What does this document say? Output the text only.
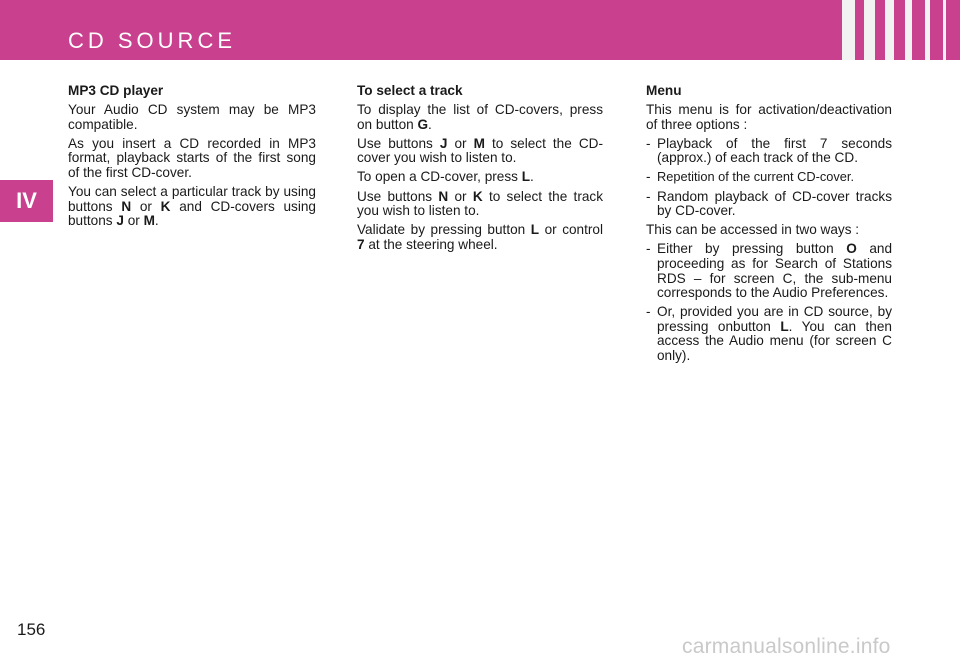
CD SOURCE
IV
MP3 CD player

Your Audio CD system may be MP3 compatible.

As you insert a CD recorded in MP3 format, playback starts of the first song of the first CD-cover.

You can select a particular track by using buttons N or K and CD-covers using buttons J or M.

To select a track

To display the list of CD-covers, press on button G.

Use buttons J or M to select the CD-cover you wish to listen to.

To open a CD-cover, press L.

Use buttons N or K to select the track you wish to listen to.

Validate by pressing button L or control 7 at the steering wheel.

Menu

This menu is for activation/deactivation of three options :

- Playback of the first 7 seconds (approx.) of each track of the CD.
- Repetition of the current CD-cover.
- Random playback of CD-cover tracks by CD-cover.

This can be accessed in two ways :

- Either by pressing button O and proceeding as for Search of Stations RDS – for screen C, the sub-menu corresponds to the Audio Preferences.
- Or, provided you are in CD source, by pressing onbutton L. You can then access the Audio menu (for screen C only).
156
carmanualsonline.info
